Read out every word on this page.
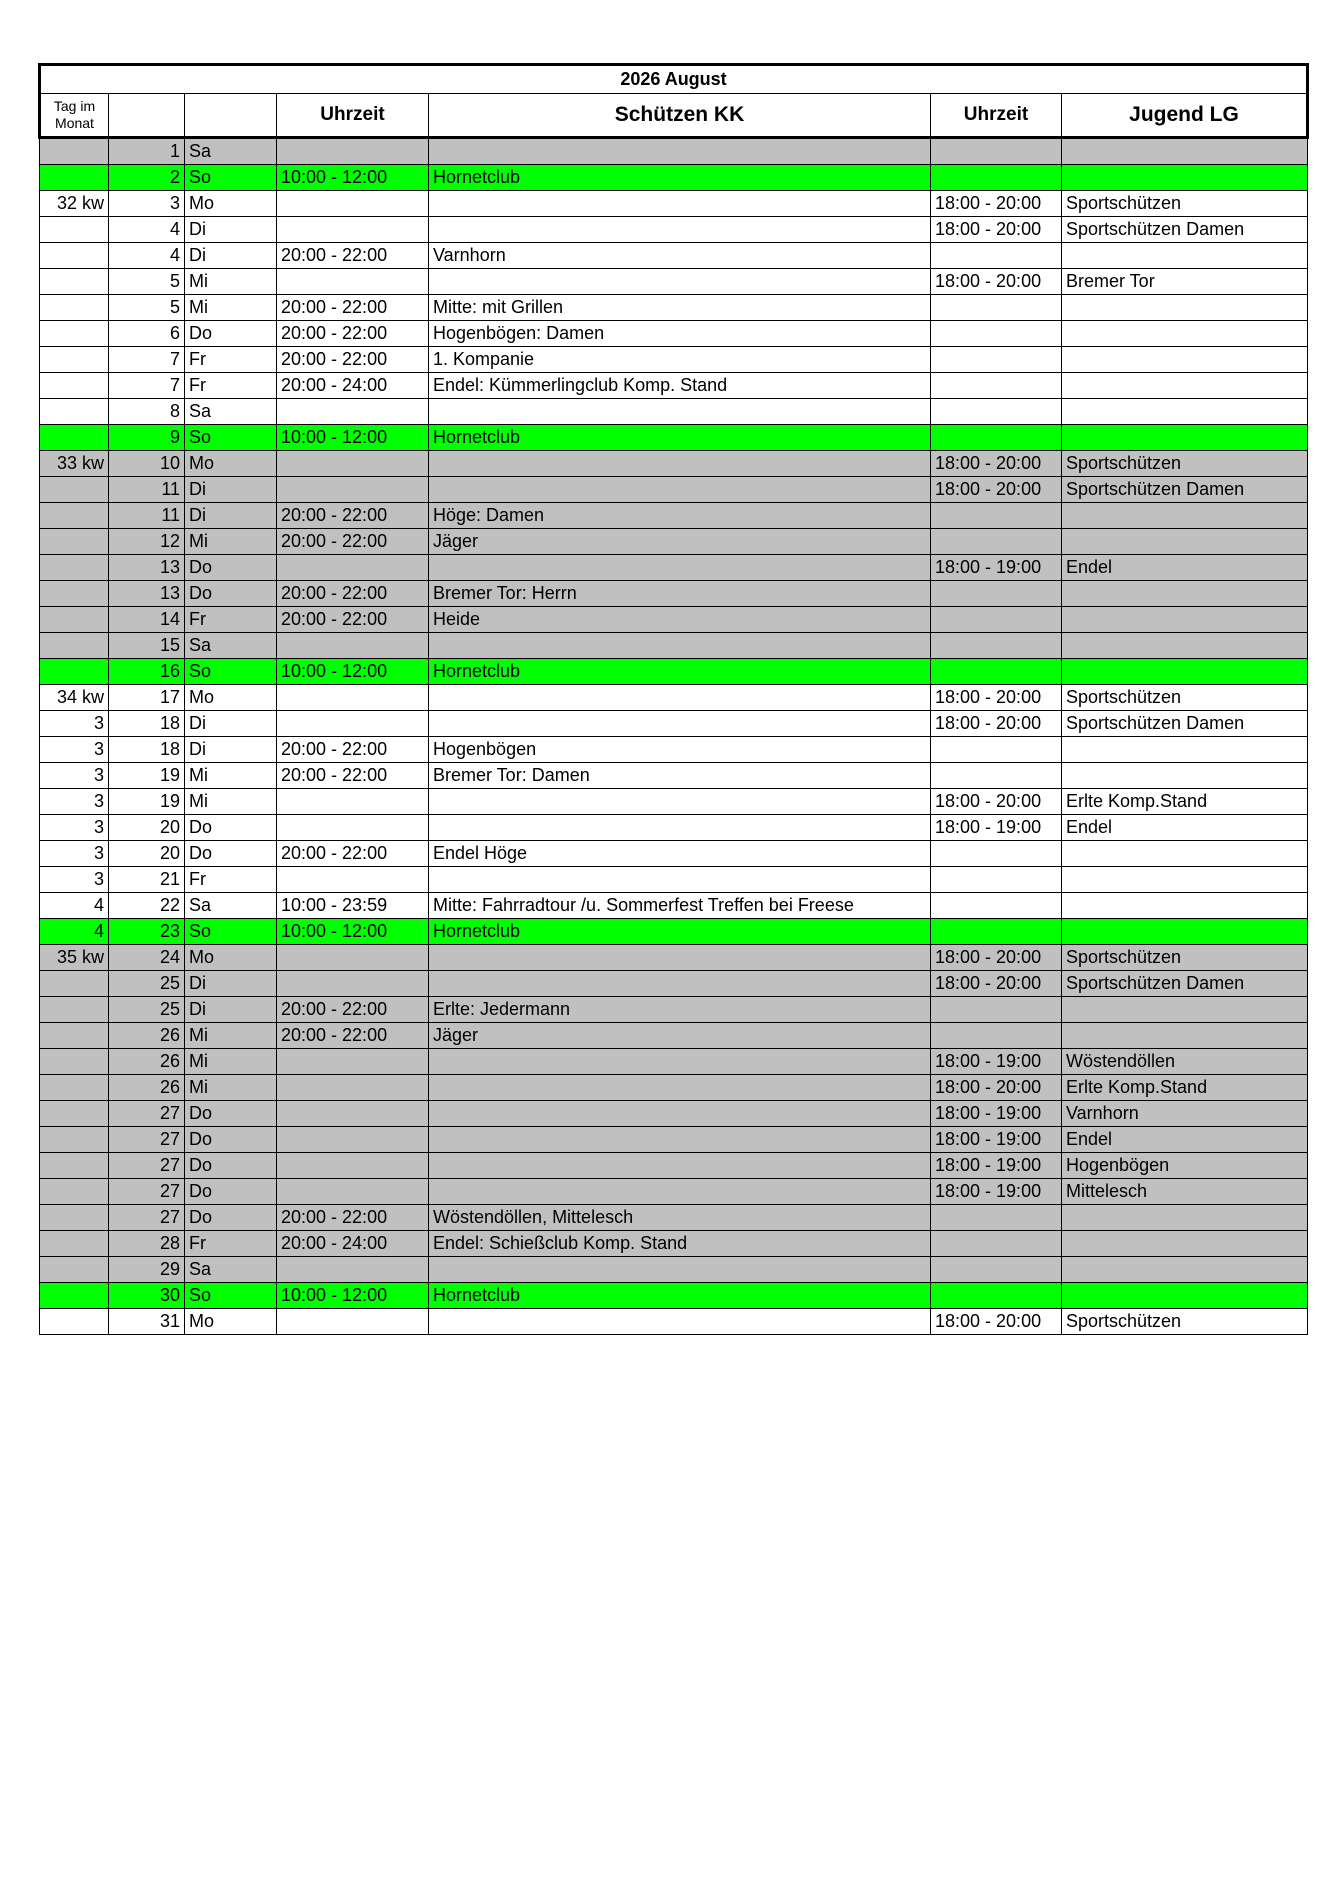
2026 August						
Tag im
Monat			Uhrzeit	Schützen KK	Uhrzeit	Jugend LG
	1	Sa				
	2	So	10:00 - 12:00	Hornetclub		
32 kw	3	Mo			18:00 - 20:00	Sportschützen
	4	Di			18:00 - 20:00	Sportschützen Damen
	4	Di	20:00 - 22:00	Varnhorn		
	5	Mi			18:00 - 20:00	Bremer Tor
	5	Mi	20:00 - 22:00	Mitte: mit Grillen		
	6	Do	20:00 - 22:00	Hogenbögen: Damen		
	7	Fr	20:00 - 22:00	1. Kompanie		
	7	Fr	20:00 - 24:00	Endel: Kümmerlingclub Komp. Stand		
	8	Sa				
	9	So	10:00 - 12:00	Hornetclub		
33 kw	10	Mo			18:00 - 20:00	Sportschützen
	11	Di			18:00 - 20:00	Sportschützen Damen
	11	Di	20:00 - 22:00	Höge: Damen		
	12	Mi	20:00 - 22:00	Jäger		
	13	Do			18:00 - 19:00	Endel
	13	Do	20:00 - 22:00	Bremer Tor: Herrn		
	14	Fr	20:00 - 22:00	Heide		
	15	Sa				
	16	So	10:00 - 12:00	Hornetclub		
34 kw	17	Mo			18:00 - 20:00	Sportschützen
3	18	Di			18:00 - 20:00	Sportschützen Damen
3	18	Di	20:00 - 22:00	Hogenbögen		
3	19	Mi	20:00 - 22:00	Bremer Tor: Damen		
3	19	Mi			18:00 - 20:00	Erlte Komp.Stand
3	20	Do			18:00 - 19:00	Endel
3	20	Do	20:00 - 22:00	Endel Höge		
3	21	Fr				
4	22	Sa	10:00 - 23:59	Mitte: Fahrradtour /u. Sommerfest Treffen bei Freese		
4	23	So	10:00 - 12:00	Hornetclub		
35 kw	24	Mo			18:00 - 20:00	Sportschützen
	25	Di			18:00 - 20:00	Sportschützen Damen
	25	Di	20:00 - 22:00	Erlte: Jedermann		
	26	Mi	20:00 - 22:00	Jäger		
	26	Mi			18:00 - 19:00	Wöstendöllen
	26	Mi			18:00 - 20:00	Erlte Komp.Stand
	27	Do			18:00 - 19:00	Varnhorn
	27	Do			18:00 - 19:00	Endel
	27	Do			18:00 - 19:00	Hogenbögen
	27	Do			18:00 - 19:00	Mittelesch
	27	Do	20:00 - 22:00	Wöstendöllen, Mittelesch		
	28	Fr	20:00 - 24:00	Endel: Schießclub Komp. Stand		
	29	Sa				
	30	So	10:00 - 12:00	Hornetclub		
	31	Mo			18:00 - 20:00	Sportschützen
